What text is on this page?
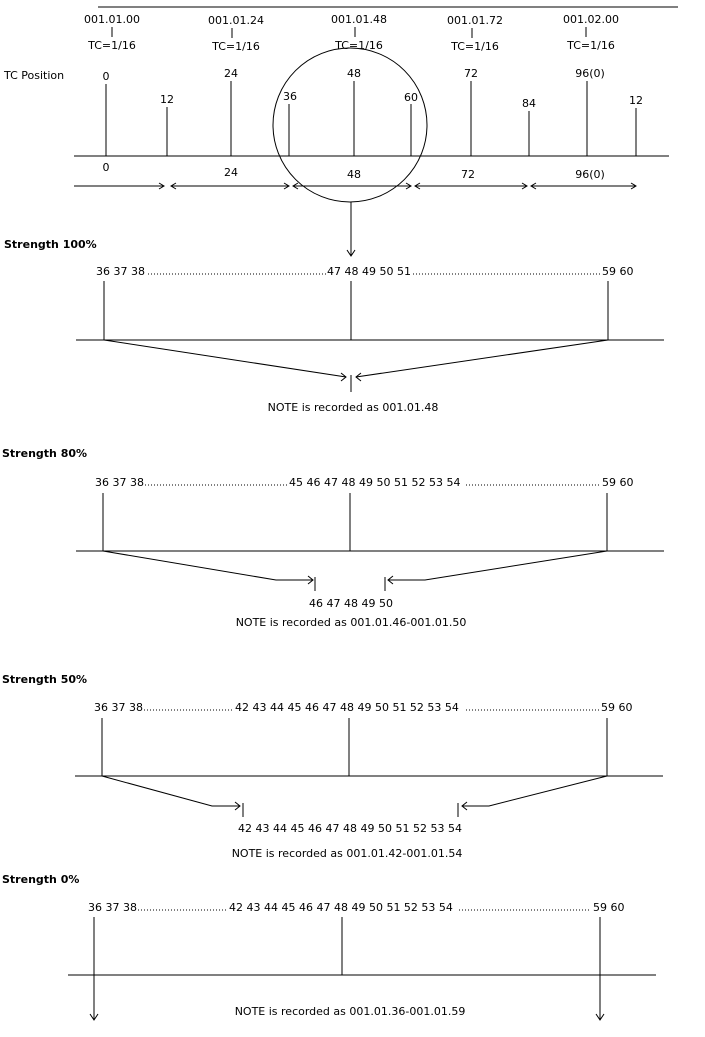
001.01.00	001.01.24	001.01.48	001.01.72	001.02.00
TC=1/16	TC=1/16	TC=1/16	TC=1/16	TC=1/16
TC Position	0
12
24
36
48
60
72
84
96(0)
12
0	24	48	72	96(0)
Strength 100%
36 37 38	47 48 49 50 51	59 60
NOTE is recorded as 001.01.48
Strength 80%
36 37 38	45 46 47 48 49 50 51 52 53 54	59 60
46 47 48 49 50
NOTE is recorded as 001.01.46-001.01.50
Strength 50%
36 37 38	42 43 44 45 46 47 48 49 50 51 52 53 54	59 60
42 43 44 45 46 47 48 49 50 51 52 53 54
NOTE is recorded as 001.01.42-001.01.54
Strength 0%
36 37 38	42 43 44 45 46 47 48 49 50 51 52 53 54	59 60
NOTE is recorded as 001.01.36-001.01.59
